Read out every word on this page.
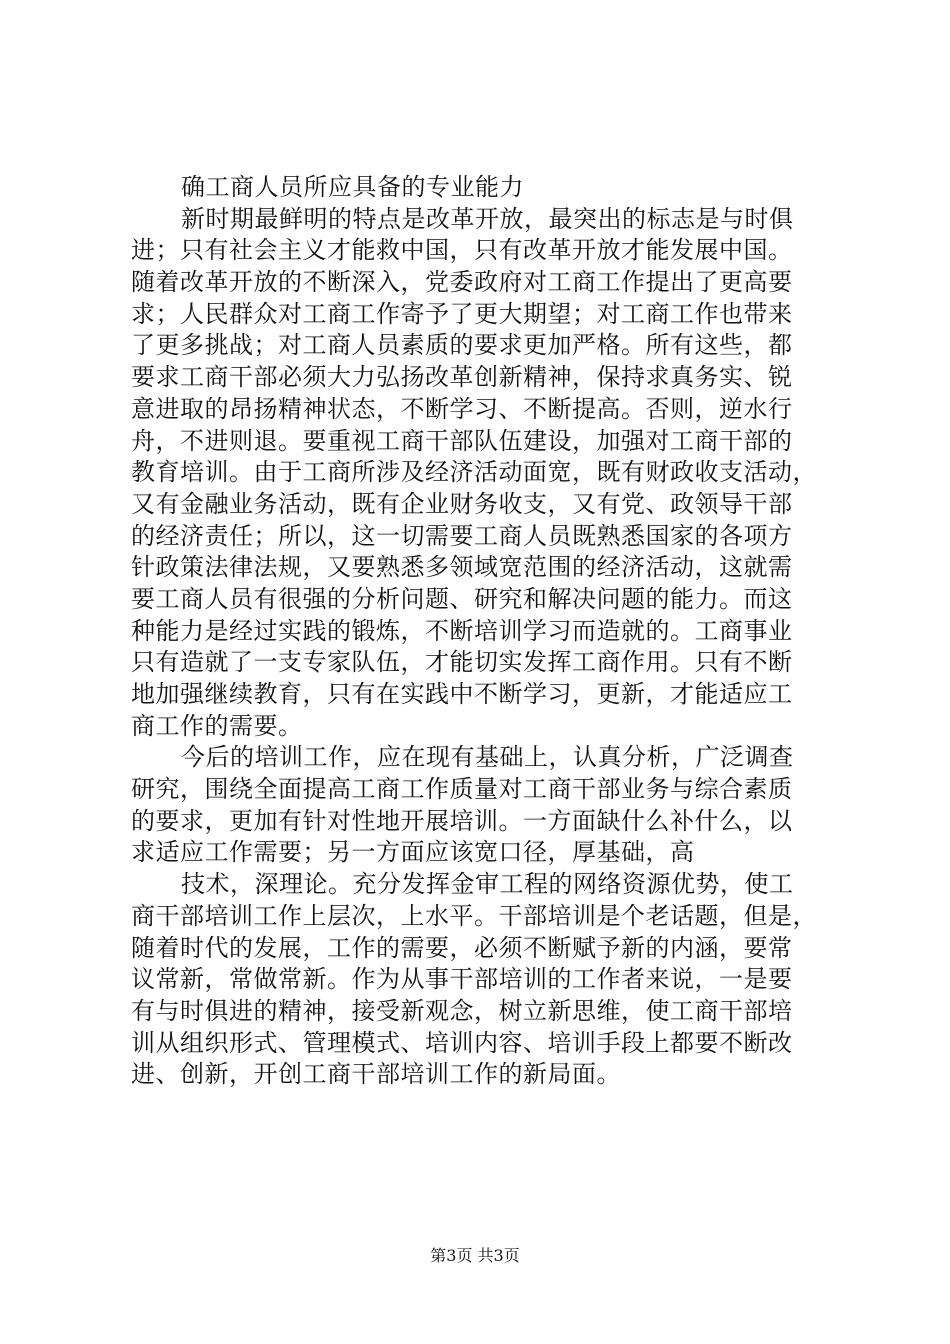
确工商人员所应具备的专业能力
新时期最鲜明的特点是改革开放，最突出的标志是与时俱
进；只有社会主义才能救中国，只有改革开放才能发展中国。
随着改革开放的不断深入，党委政府对工商工作提出了更高要
求；人民群众对工商工作寄予了更大期望；对工商工作也带来
了更多挑战；对工商人员素质的要求更加严格。所有这些，都
要求工商干部必须大力弘扬改革创新精神，保持求真务实、锐
意进取的昂扬精神状态，不断学习、不断提高。否则，逆水行
舟，不进则退。要重视工商干部队伍建设，加强对工商干部的
教育培训。由于工商所涉及经济活动面宽，既有财政收支活动，
又有金融业务活动，既有企业财务收支，又有党、政领导干部
的经济责任；所以，这一切需要工商人员既熟悉国家的各项方
针政策法律法规，又要熟悉多领域宽范围的经济活动，这就需
要工商人员有很强的分析问题、研究和解决问题的能力。而这
种能力是经过实践的锻炼，不断培训学习而造就的。工商事业
只有造就了一支专家队伍，才能切实发挥工商作用。只有不断
地加强继续教育，只有在实践中不断学习，更新，才能适应工
商工作的需要。
今后的培训工作，应在现有基础上，认真分析，广泛调查
研究，围绕全面提高工商工作质量对工商干部业务与综合素质
的要求，更加有针对性地开展培训。一方面缺什么补什么，以
求适应工作需要；另一方面应该宽口径，厚基础，高
技术，深理论。充分发挥金审工程的网络资源优势，使工
商干部培训工作上层次，上水平。干部培训是个老话题，但是，
随着时代的发展，工作的需要，必须不断赋予新的内涵，要常
议常新，常做常新。作为从事干部培训的工作者来说，一是要
有与时俱进的精神，接受新观念，树立新思维，使工商干部培
训从组织形式、管理模式、培训内容、培训手段上都要不断改
进、创新，开创工商干部培训工作的新局面。
第3页 共3页
